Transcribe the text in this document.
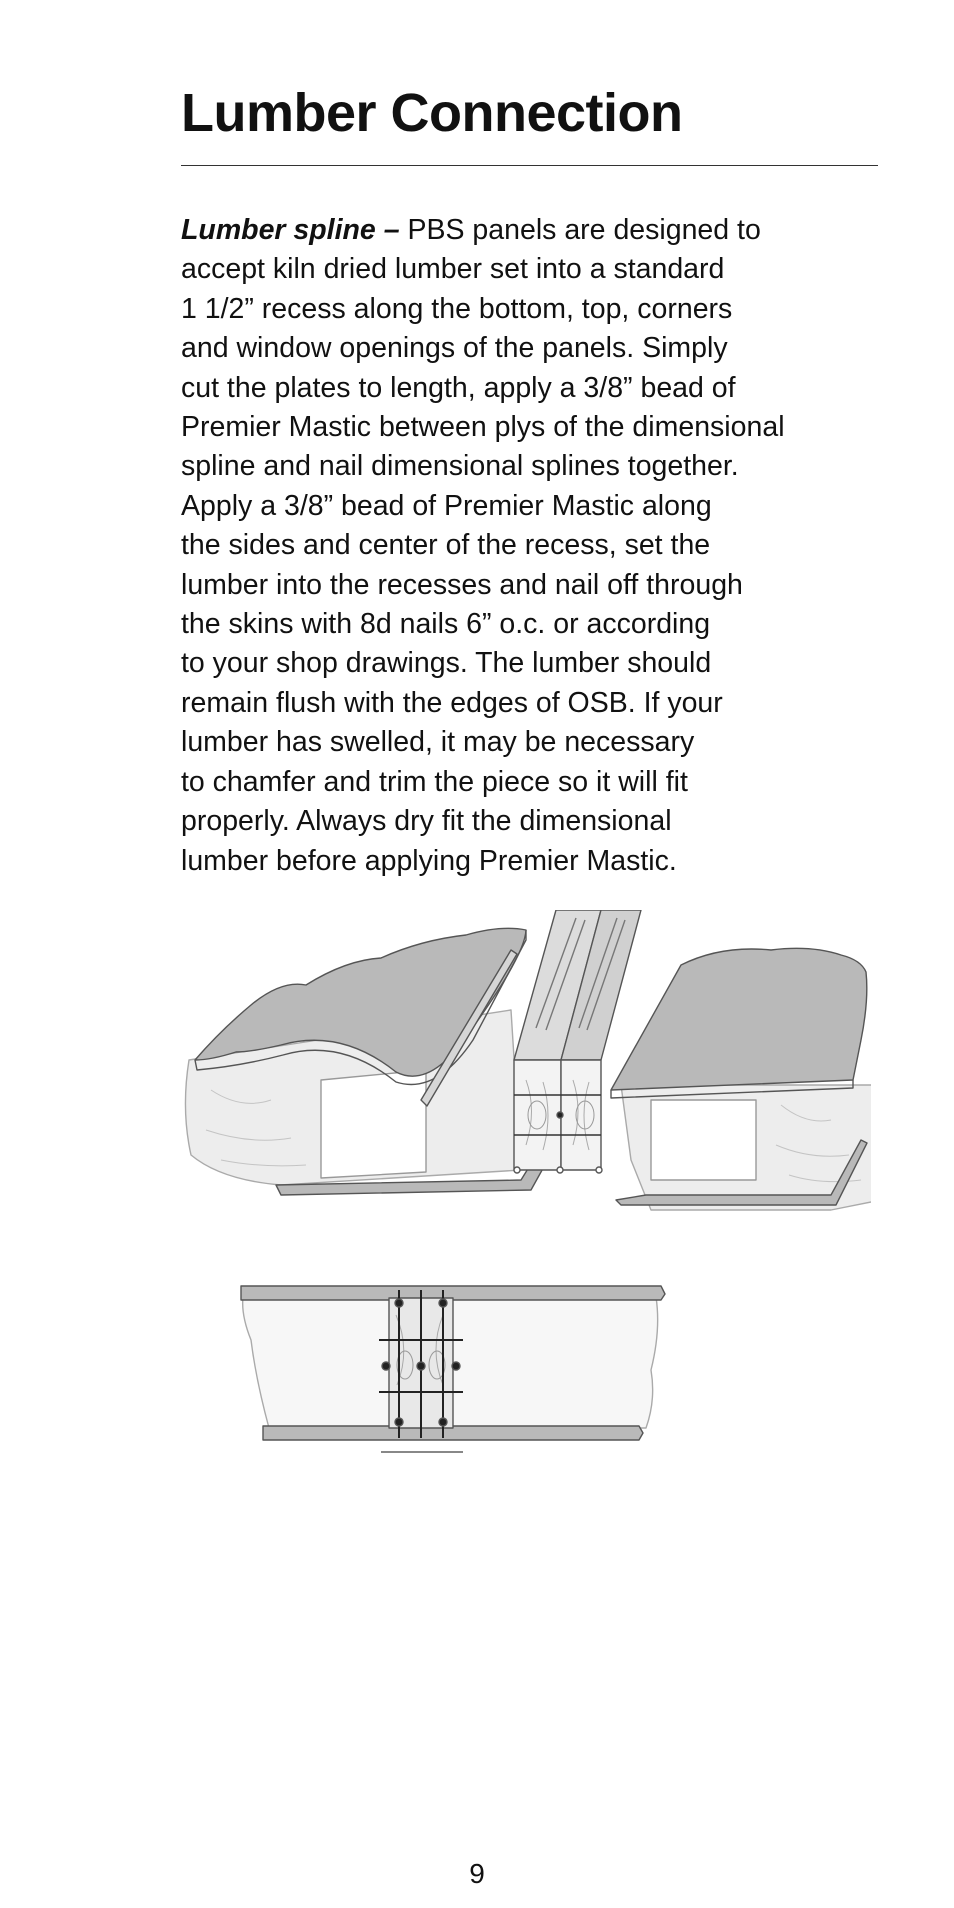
Lumber Connection

Lumber spline – PBS panels are designed to
accept kiln dried lumber set into a standard
1 1/2” recess along the bottom, top, corners
and window openings of the panels. Simply
cut the plates to length, apply a 3/8” bead of
Premier Mastic between plys of the dimensional
spline and nail dimensional splines together.
Apply a 3/8” bead of Premier Mastic along
the sides and center of the recess, set the
lumber into the recesses and nail off through
the skins with 8d nails 6” o.c. or according
to your shop drawings. The lumber should
remain flush with the edges of OSB. If your
lumber has swelled, it may be necessary
to chamfer and trim the piece so it will fit
properly. Always dry fit the dimensional
lumber before applying Premier Mastic.

9
